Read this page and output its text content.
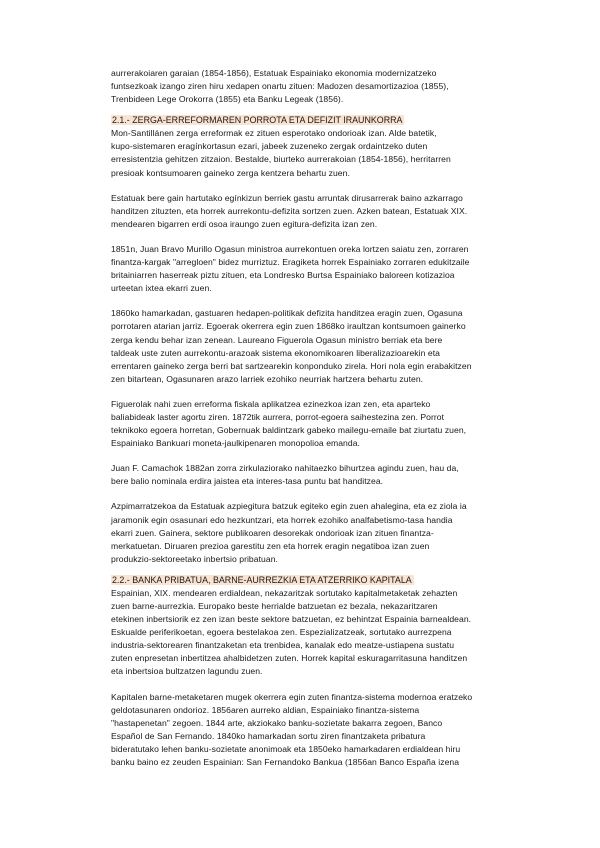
aurrerakoiaren garaian (1854-1856), Estatuak Espainiako ekonomia modernizatzeko
funtsezkoak izango ziren hiru xedapen onartu zituen: Madozen desamortizazioa (1855),
Trenbideen Lege Orokorra (1855) eta Banku Legeak (1856).

2.1.- ZERGA-ERREFORMAREN PORROTA ETA DEFIZIT IRAUNKORRA

Mon-Santillánen zerga erreformak ez zituen esperotako ondorioak izan. Alde batetik,
kupo-sistemaren eragínkortasun ezari, jabeek zuzeneko zergak ordaintzeko duten
erresistentzia gehitzen zitzaion. Bestalde, biurteko aurrerakoian (1854-1856), herritarren
presioak kontsumoaren gaineko zerga kentzera behartu zuen.

Estatuak bere gain hartutako egínkizun berriek gastu arruntak dirusarrerak baino azkarrago
handitzen zituzten, eta horrek aurrekontu-defizita sortzen zuen. Azken batean, Estatuak XIX.
mendearen bigarren erdi osoa iraungo zuen egitura-defizita izan zen.

1851n, Juan Bravo Murillo Ogasun ministroa aurrekontuen oreka lortzen saiatu zen, zorraren
finantza-kargak "arregloen" bidez murriztuz. Eragiketa horrek Espainiako zorraren edukitzaile
britainiarren haserreak piztu zituen, eta Londresko Burtsa Espainiako baloreen kotizazioa
urteetan ixtea ekarri zuen.

1860ko hamarkadan, gastuaren hedapen-politikak defizita handitzea eragin zuen, Ogasuna
porrotaren atarian jarriz. Egoerak okerrera egin zuen 1868ko iraultzan kontsumoen gainerko
zerga kendu behar izan zenean. Laureano Figuerola Ogasun ministro berriak eta bere
taldeak uste zuten aurrekontu-arazoak sistema ekonomikoaren liberalizazioarekin eta
errentaren gaineko zerga berri bat sartzearekin konponduko zirela. Hori nola egin erabakitzen
zen bitartean, Ogasunaren arazo larriek ezohiko neurriak hartzera behartu zuten.

Figuerolak nahi zuen erreforma fiskala aplikatzea ezinezkoa izan zen, eta aparteko
baliabideak laster agortu ziren. 1872tik aurrera, porrot-egoera saihestezina zen. Porrot
teknikoko egoera horretan, Gobernuak baldintzark gabeko mailegu-emaile bat ziurtatu zuen,
Espainiako Bankuari moneta-jaulkipenaren monopolioa emanda.

Juan F. Camachok 1882an zorra zirkulaziorako nahitaezko bihurtzea agindu zuen, hau da,
bere balio nominala erdira jaistea eta interes-tasa puntu bat handitzea.

Azpimarratzekoa da Estatuak azpiegitura batzuk egiteko egin zuen ahalegina, eta ez ziola ia
jaramonik egin osasunari edo hezkuntzari, eta horrek ezohiko analfabetismo-tasa handia
ekarri zuen. Gainera, sektore publikoaren desorekak ondorioak izan zituen finantza-
merkatuetan. Diruaren prezioa garestitu zen eta horrek eragin negatiboa izan zuen
produkzio-sektoreetako inbertsio pribatuan.

2.2.- BANKA PRIBATUA, BARNE-AURREZKIA ETA ATZERRIKO KAPITALA

Espainian, XIX. mendearen erdialdean, nekazaritzak sortutako kapitalmetaketak zehazten
zuen barne-aurrezkia. Europako beste herrialde batzuetan ez bezala, nekazaritzaren
etekinen inbertsiorik ez zen izan beste sektore batzuetan, ez behintzat Espainia barnealdean.
Eskualde periferikoetan, egoera bestelakoa zen. Espezializatzeak, sortutako aurrezpena
industria-sektorearen finantzaketan eta trenbidea, kanalak edo meatze-ustiapena sustatu
zuten enpresetan inbertitzea ahalbidetzen zuten. Horrek kapital eskuragarritasuna handitzen
eta inbertsioa bultzatzen lagundu zuen.

Kapitalen barne-metaketaren mugek okerrera egin zuten finantza-sistema modernoa eratzeko
geldotasunaren ondorioz. 1856aren aurreko aldian, Espainiako finantza-sistema
"hastapenetan" zegoen. 1844 arte, akziokako banku-sozietate bakarra zegoen, Banco
Español de San Fernando. 1840ko hamarkadan sortu ziren finantzaketa pribatura
bideratutako lehen banku-sozietate anonimoak eta 1850eko hamarkadaren erdialdean hiru
banku baino ez zeuden Espainian: San Fernandoko Bankua (1856an Banco España izena
